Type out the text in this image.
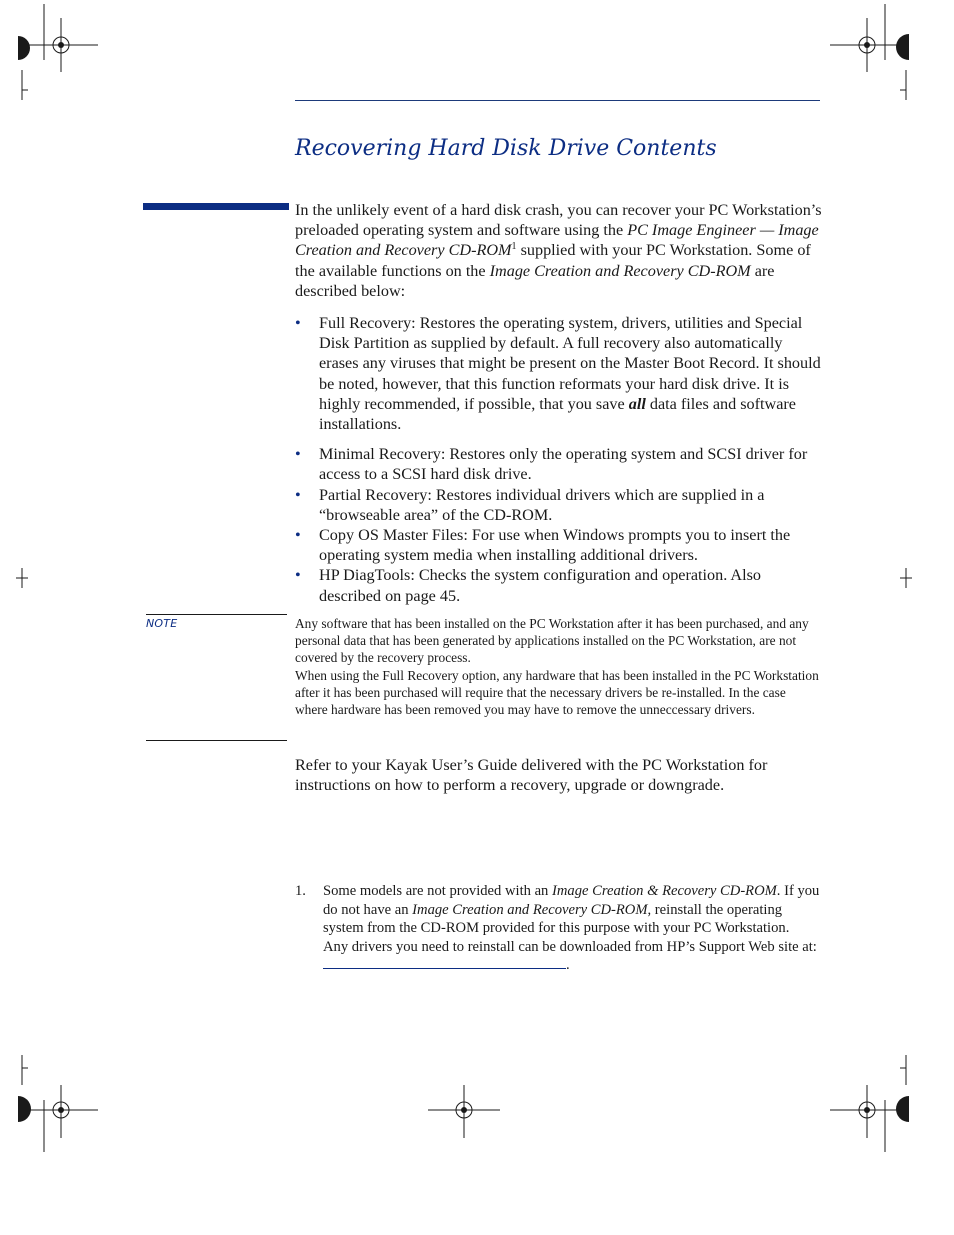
Recovering Hard Disk Drive Contents
In the unlikely event of a hard disk crash, you can recover your PC Workstation’s preloaded operating system and software using the PC Image Engineer — Image Creation and Recovery CD-ROM$^1$ supplied with your PC Workstation. Some of the available functions on the Image Creation and Recovery CD-ROM are described below:
• Full Recovery: Restores the operating system, drivers, utilities and Special Disk Partition as supplied by default. A full recovery also automatically erases any viruses that might be present on the Master Boot Record. It should be noted, however, that this function reformats your hard disk drive. It is highly recommended, if possible, that you save all data files and software installations.
• Minimal Recovery: Restores only the operating system and SCSI driver for access to a SCSI hard disk drive.
• Partial Recovery: Restores individual drivers which are supplied in a “browseable area” of the CD-ROM.
• Copy OS Master Files: For use when Windows prompts you to insert the operating system media when installing additional drivers.
• HP DiagTools: Checks the system configuration and operation. Also described on page 45.
NOTE	Any software that has been installed on the PC Workstation after it has been purchased, and any personal data that has been generated by applications installed on the PC Workstation, are not covered by the recovery process.

When using the Full Recovery option, any hardware that has been installed in the PC Workstation after it has been purchased will require that the necessary drivers be re-installed. In the case where hardware has been removed you may have to remove the unneccessary drivers.

Refer to your Kayak User’s Guide delivered with the PC Workstation for instructions on how to perform a recovery, upgrade or downgrade.
1. Some models are not provided with an Image Creation & Recovery CD-ROM. If you do not have an Image Creation and Recovery CD-ROM, reinstall the operating system from the CD-ROM provided for this purpose with your PC Workstation.
Any drivers you need to reinstall can be downloaded from HP’s Support Web site at: .
